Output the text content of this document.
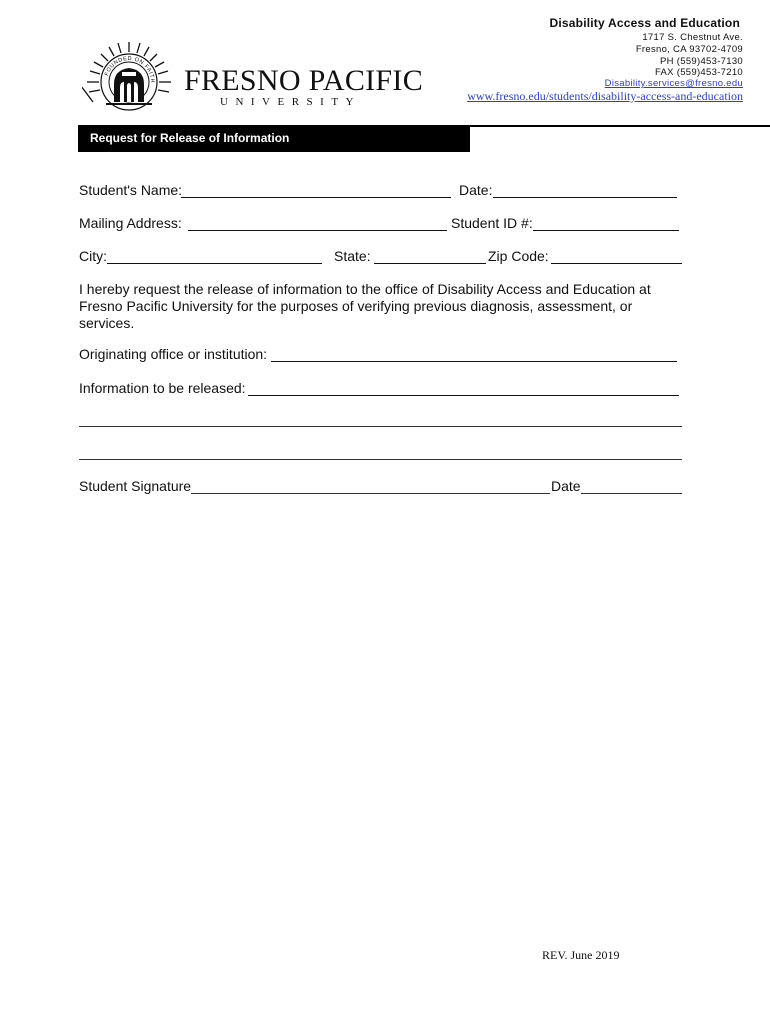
Disability Access and Education
1717 S. Chestnut Ave.
Fresno, CA 93702-4709
PH (559)453-7130
FAX (559)453-7210
Disability.services@fresno.edu
www.fresno.edu/students/disability-access-and-education
FOUNDED ON FAITH FRESNO PACIFIC
UNIVERSITY
Request for Release of Information
Student's Name:	Date:
Mailing Address:	Student ID #:
City:	State:	Zip Code:
I hereby request the release of information to the office of Disability Access and Education at Fresno Pacific University for the purposes of verifying previous diagnosis, assessment, or services.
Originating office or institution:
Information to be released:
Student Signature	Date
REV. June 2019
